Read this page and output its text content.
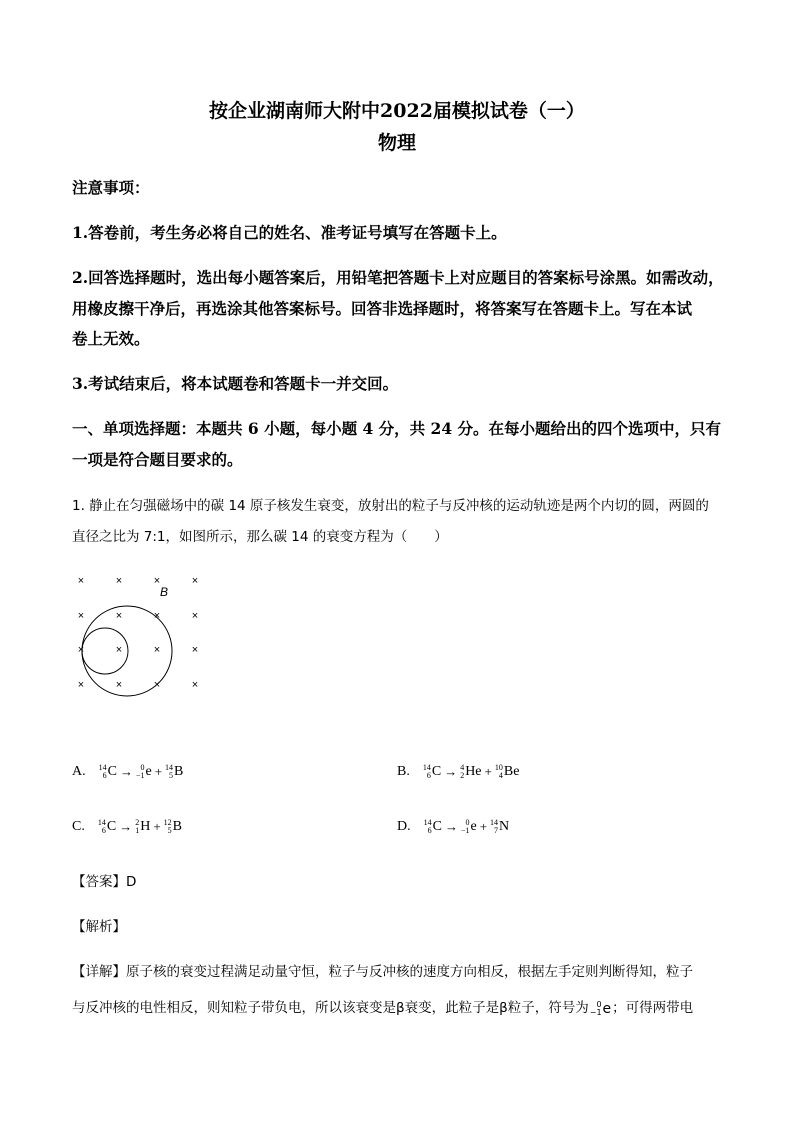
按企业湖南师大附中2022届模拟试卷（一）
物理
注意事项：
1.答卷前，考生务必将自己的姓名、准考证号填写在答题卡上。
2.回答选择题时，选出每小题答案后，用铅笔把答题卡上对应题目的答案标号涂黑。如需改动，
用橡皮擦干净后，再选涂其他答案标号。回答非选择题时，将答案写在答题卡上。写在本试
卷上无效。
3.考试结束后，将本试题卷和答题卡一并交回。
一、单项选择题：本题共 6 小题，每小题 4 分，共 24 分。在每小题给出的四个选项中，只有
一项是符合题目要求的。
1. 静止在匀强磁场中的碳 14 原子核发生衰变，放射出的粒子与反冲核的运动轨迹是两个内切的圆，两圆的
直径之比为 7:1，如图所示，那么碳 14 的衰变方程为（　　）
×	×	×	×
×	×	×	×
×	×	×	×
×	×	×	×
B
A. 14
6 C → 0
−1 e + 14
5 B	B. 14
6 C → 4
2 He + 10
4 Be
C. 14
6 C → 2
1 H + 12
5 B	D. 14
6 C → 0
−1 e + 14
7 N
【答案】D
【解析】
【详解】原子核的衰变过程满足动量守恒，粒子与反冲核的速度方向相反，根据左手定则判断得知，粒子
与反冲核的电性相反，则知粒子带负电，所以该衰变是β衰变，此粒子是β粒子，符号为 0
−1 e ；可得两带电
